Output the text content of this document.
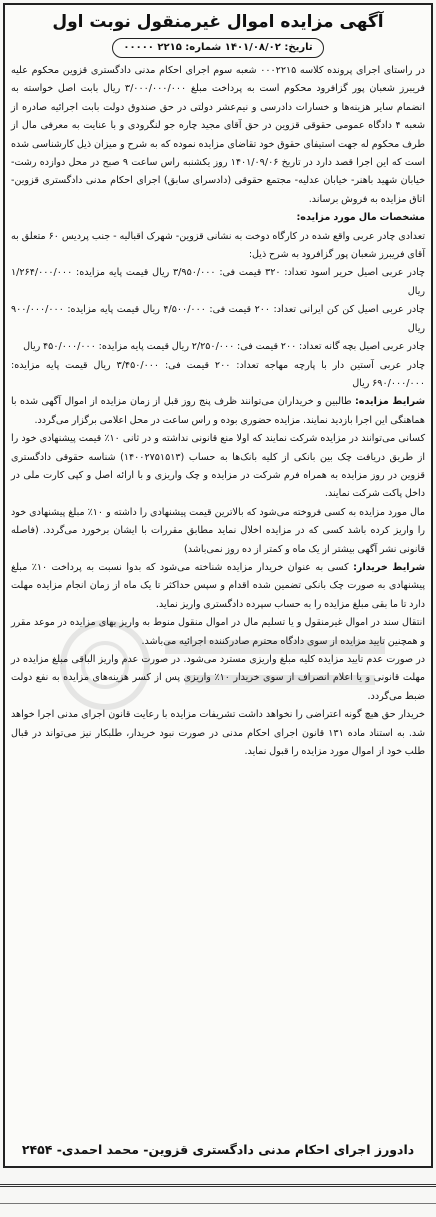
آگهی مزایده اموال غیرمنقول نوبت اول
تاریخ: ۱۴۰۱/۰۸/۰۲ شماره: ۲۲۱۵ ۰۰۰۰۰

در راستای اجرای پرونده کلاسه ۰۰۰۲۲۱۵ شعبه سوم اجرای احکام مدنی دادگستری قزوین محکوم علیه فریبرز شعبان پور گزافرود محکوم است به پرداخت مبلغ ۳/۰۰۰/۰۰۰/۰۰۰ ریال بابت اصل خواسته به انضمام سایر هزینه‌ها و خسارات دادرسی و نیم‌عشر دولتی در حق صندوق دولت بابت اجرائیه صادره از شعبه ۴ دادگاه عمومی حقوقی قزوین در حق آقای مجید چاره جو لنگرودی و با عنایت به معرفی مال از طرف محکوم له جهت استیفای حقوق خود تقاضای مزایده نموده که به شرح و میزان ذیل کارشناسی شده است که این اجرا قصد دارد در تاریخ ۱۴۰۱/۰۹/۰۶ روز یکشنبه راس ساعت ۹ صبح در محل دوازده رشت- خیابان شهید باهنر- خیابان عدلیه- مجتمع حقوقی (دادسرای سابق) اجرای احکام مدنی دادگستری قزوین- اتاق مزایده به فروش برساند.

مشخصات مال مورد مزایده:

تعدادی چادر عربی واقع شده در کارگاه دوخت به نشانی قزوین- شهرک اقبالیه - جنب پردیس ۶۰ متعلق به آقای فریبرز شعبان پور گزافرود به شرح ذیل:

چادر عربی اصیل حریر اسود تعداد: ۳۲۰ قیمت فی: ۳/۹۵۰/۰۰۰ ریال قیمت پایه مزایده: ۱/۲۶۴/۰۰۰/۰۰۰ ریال

چادر عربی اصیل کن کن ایرانی تعداد: ۲۰۰ قیمت فی: ۴/۵۰۰/۰۰۰ ریال قیمت پایه مزایده: ۹۰۰/۰۰۰/۰۰۰ ریال

چادر عربی اصیل بچه گانه تعداد: ۲۰۰ قیمت فی: ۲/۲۵۰/۰۰۰ ریال قیمت پایه مزایده: ۴۵۰/۰۰۰/۰۰۰ ریال

چادر عربی آستین دار با پارچه مهاجه تعداد: ۲۰۰ قیمت فی: ۳/۴۵۰/۰۰۰ ریال قیمت پایه مزایده: ۶۹۰/۰۰۰/۰۰۰ ریال

شرایط مزایده: طالبین و خریداران می‌توانند ظرف پنج روز قبل از زمان مزایده از اموال آگهی شده با هماهنگی این اجرا بازدید نمایند. مزایده حضوری بوده و راس ساعت در محل اعلامی برگزار می‌گردد.

کسانی می‌توانند در مزایده شرکت نمایند که اولا منع قانونی نداشته و در ثانی ۱۰٪ قیمت پیشنهادی خود را از طریق دریافت چک بین بانکی از کلیه بانک‌ها به حساب (۱۴۰۰۲۷۵۱۵۱۳) شناسه حقوقی دادگستری قزوین در روز مزایده به همراه فرم شرکت در مزایده و چک واریزی و با ارائه اصل و کپی کارت ملی در داخل پاکت شرکت نمایند.

مال مورد مزایده به کسی فروخته می‌شود که بالاترین قیمت پیشنهادی را داشته و ۱۰٪ مبلغ پیشنهادی خود را واریز کرده باشد کسی که در مزایده اخلال نماید مطابق مقررات با ایشان برخورد می‌گردد. (فاصله قانونی نشر آگهی بیشتر از یک ماه و کمتر از ده روز نمی‌باشد)

شرایط خریدار: کسی به عنوان خریدار مزایده شناخته می‌شود که بدوا نسبت به پرداخت ۱۰٪ مبلغ پیشنهادی به صورت چک بانکی تضمین شده اقدام و سپس حداکثر تا یک ماه از زمان انجام مزایده مهلت دارد تا ما بقی مبلغ مزایده را به حساب سپرده دادگستری واریز نماید.

انتقال سند در اموال غیرمنقول و یا تسلیم مال در اموال منقول منوط به واریز بهای مزایده در موعد مقرر و همچنین تایید مزایده از سوی دادگاه محترم صادرکننده اجرائیه می‌باشد.

در صورت عدم تایید مزایده کلیه مبلغ واریزی مسترد می‌شود. در صورت عدم واریز الباقی مبلغ مزایده در مهلت قانونی و یا اعلام انصراف از سوی خریدار ۱۰٪ واریزی پس از کسر هزینه‌های مزایده به نفع دولت ضبط می‌گردد.

خریدار حق هیچ گونه اعتراضی را نخواهد داشت تشریفات مزایده با رعایت قانون اجرای مدنی اجرا خواهد شد. به استناد ماده ۱۳۱ قانون اجرای احکام مدنی در صورت نبود خریدار، طلبکار نیز می‌تواند در قبال طلب خود از اموال مورد مزایده را قبول نماید.

دادورز اجرای احکام مدنی دادگستری قزوین- محمد احمدی- ۲۴۵۴
